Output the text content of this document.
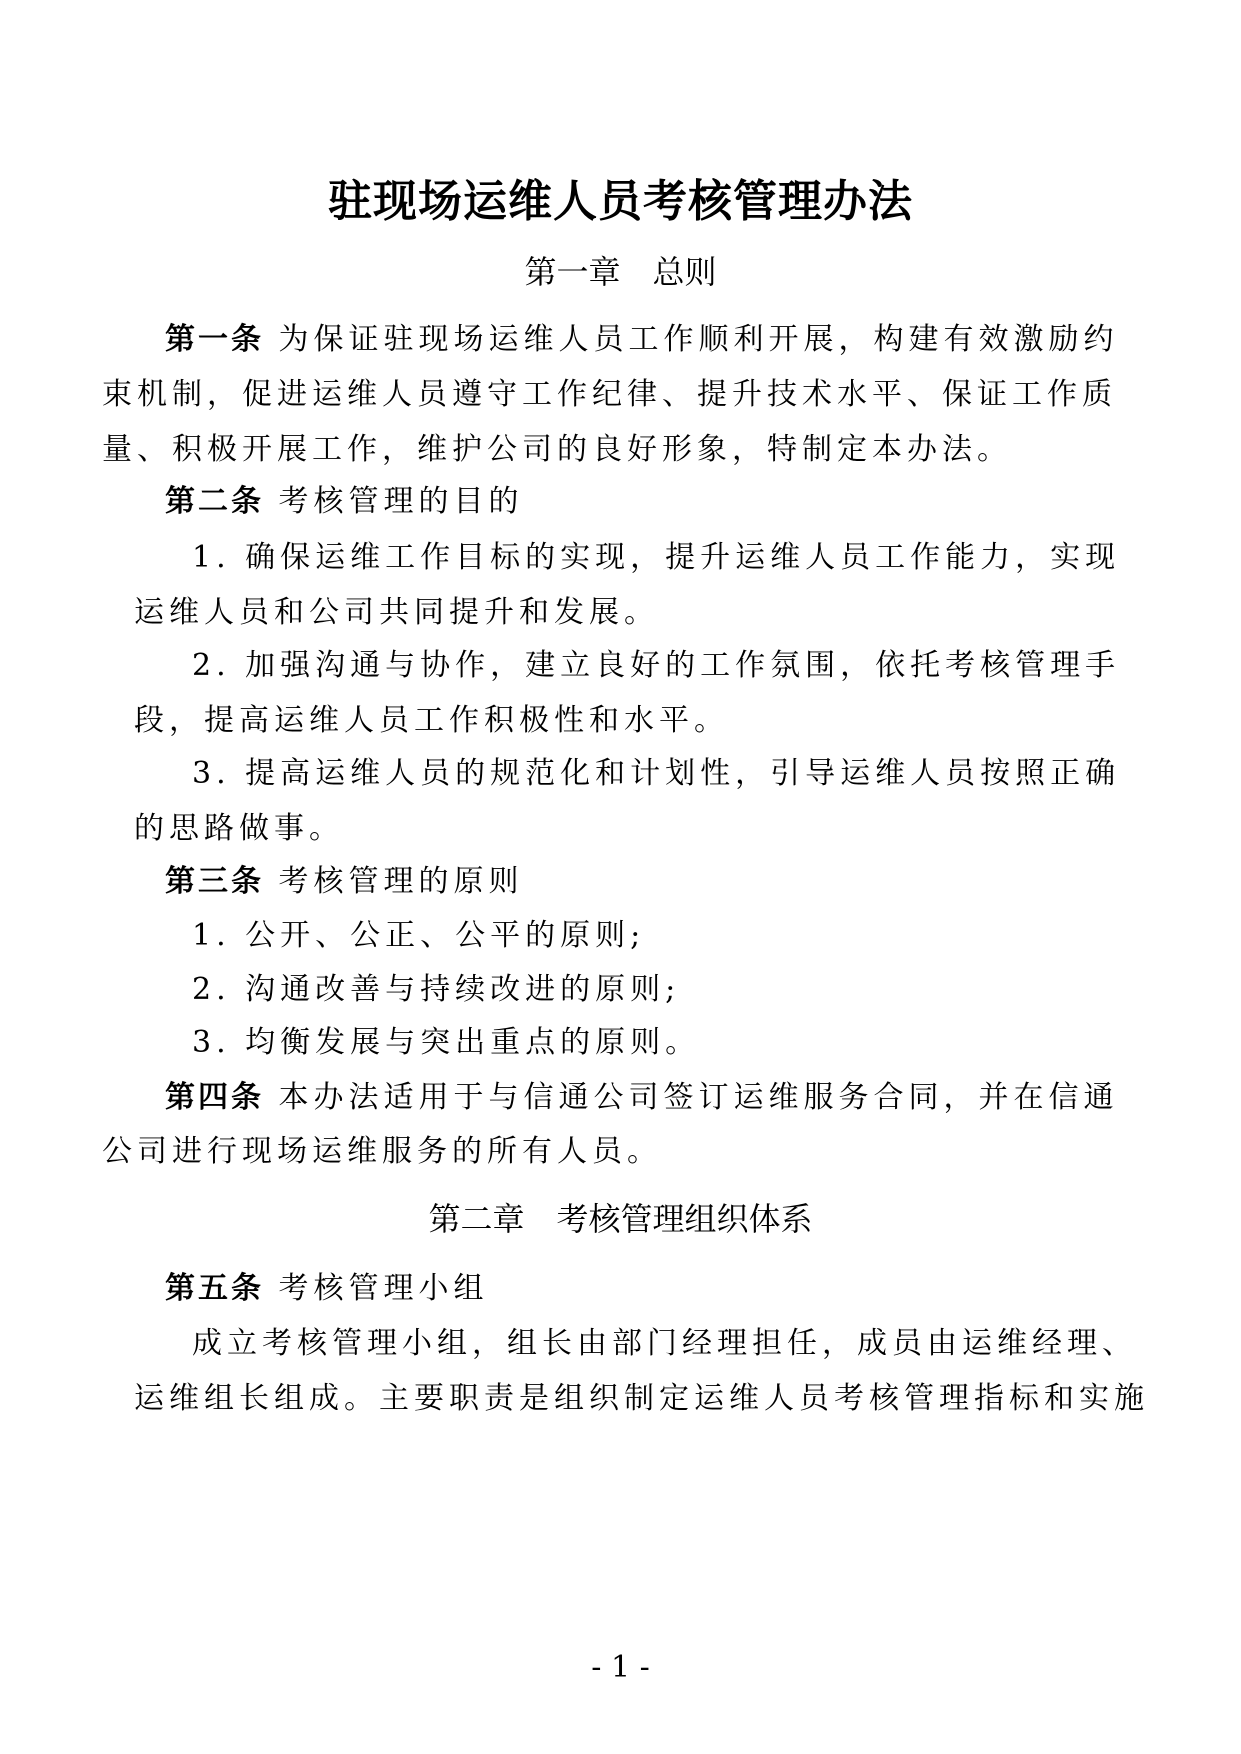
驻现场运维人员考核管理办法
第一章　总则
第一条 为保证驻现场运维人员工作顺利开展，构建有效激励约
束机制，促进运维人员遵守工作纪律、提升技术水平、保证工作质
量、积极开展工作，维护公司的良好形象，特制定本办法。
第二条 考核管理的目的
1. 确保运维工作目标的实现，提升运维人员工作能力，实现
运维人员和公司共同提升和发展。
2. 加强沟通与协作，建立良好的工作氛围，依托考核管理手
段，提高运维人员工作积极性和水平。
3. 提高运维人员的规范化和计划性，引导运维人员按照正确
的思路做事。
第三条 考核管理的原则
1. 公开、公正、公平的原则;
2. 沟通改善与持续改进的原则;
3. 均衡发展与突出重点的原则。
第四条 本办法适用于与信通公司签订运维服务合同，并在信通
公司进行现场运维服务的所有人员。
第二章　考核管理组织体系
第五条 考核管理小组
成立考核管理小组，组长由部门经理担任，成员由运维经理、
运维组长组成。主要职责是组织制定运维人员考核管理指标和实施
- 1 -
